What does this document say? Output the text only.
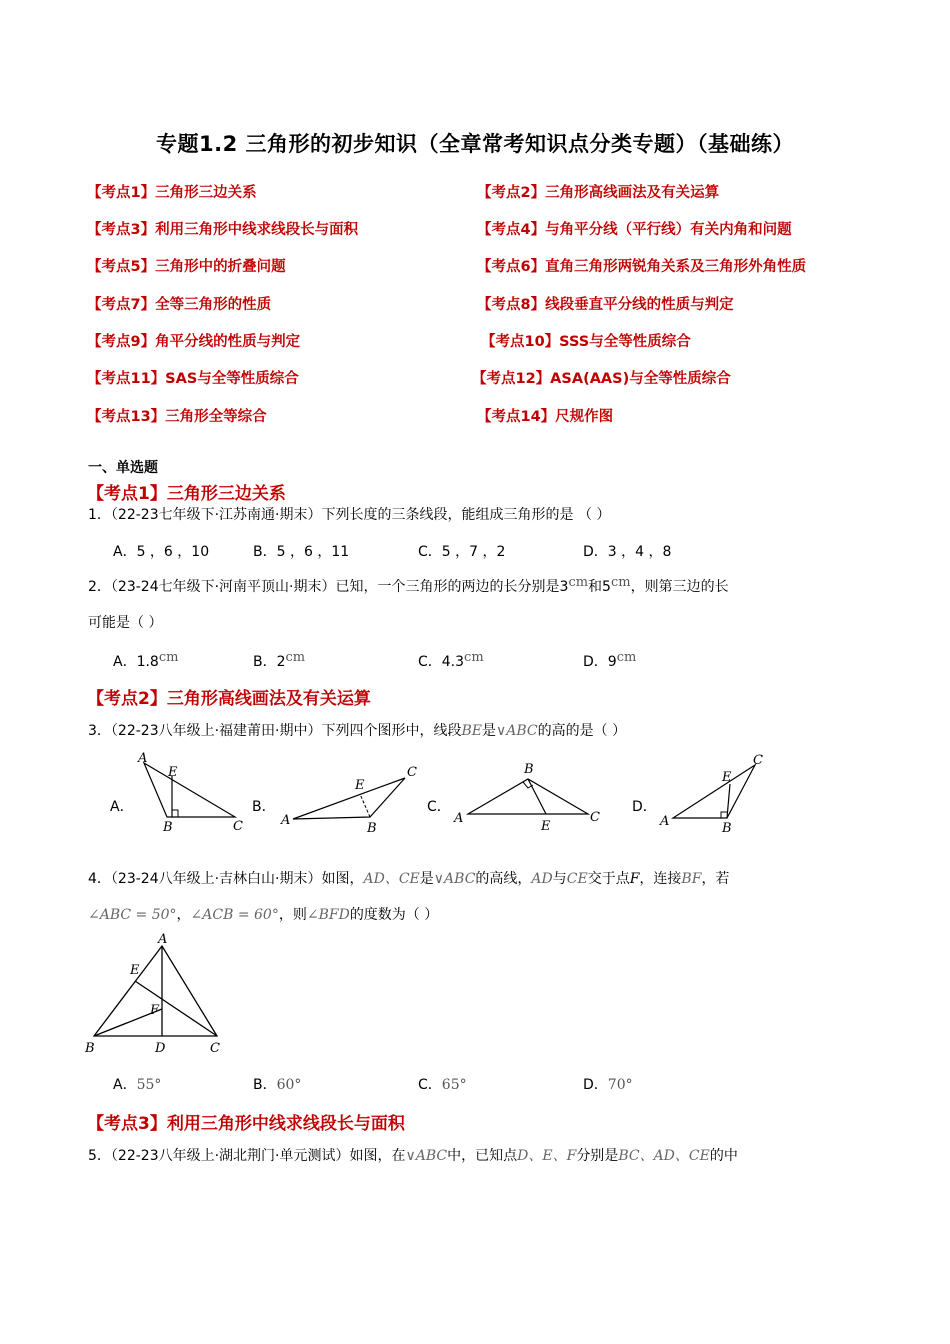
专题1.2 三角形的初步知识（全章常考知识点分类专题）（基础练）
【考点1】三角形三边关系	【考点2】三角形高线画法及有关运算
【考点3】利用三角形中线求线段长与面积	【考点4】与角平分线（平行线）有关内角和问题
【考点5】三角形中的折叠问题	【考点6】直角三角形两锐角关系及三角形外角性质
【考点7】全等三角形的性质	【考点8】线段垂直平分线的性质与判定
【考点9】角平分线的性质与判定	【考点10】SSS与全等性质综合
【考点11】SAS与全等性质综合	【考点12】ASA(AAS)与全等性质综合
【考点13】三角形全等综合	【考点14】尺规作图
一、单选题
【考点1】三角形三边关系
1．（22-23七年级下·江苏南通·期末）下列长度的三条线段，能组成三角形的是 （ ）
A．5 ，6 ，10	B．5 ，6 ，11	C．5 ，7 ，2	D．3 ，4 ，8
2．（23-24七年级下·河南平顶山·期末）已知，一个三角形的两边的长分别是3cm和5cm，则第三边的长
可能是（ ）
A．1.8cm	B．2cm	C．4.3cm	D．9cm
【考点2】三角形高线画法及有关运算
3．（22-23八年级上·福建莆田·期中）下列四个图形中，线段BE是∨ABC的高的是（ ）
A．	B．	C．	D．
A
E
B	C	A
E
B
C	B
A
E
C	A
E
B
C
4．（23-24八年级上·吉林白山·期末）如图，AD、CE是∨ABC的高线，AD与CE交于点F，连接BF，若
∠ABC = 50°，∠ACB = 60°，则∠BFD的度数为（ ）
A
E
F
B	D	C
A．55°	B．60°	C．65°	D．70°
【考点3】利用三角形中线求线段长与面积
5．（22-23八年级上·湖北荆门·单元测试）如图，在∨ABC中，已知点D、E、F分别是BC、AD、CE的中
